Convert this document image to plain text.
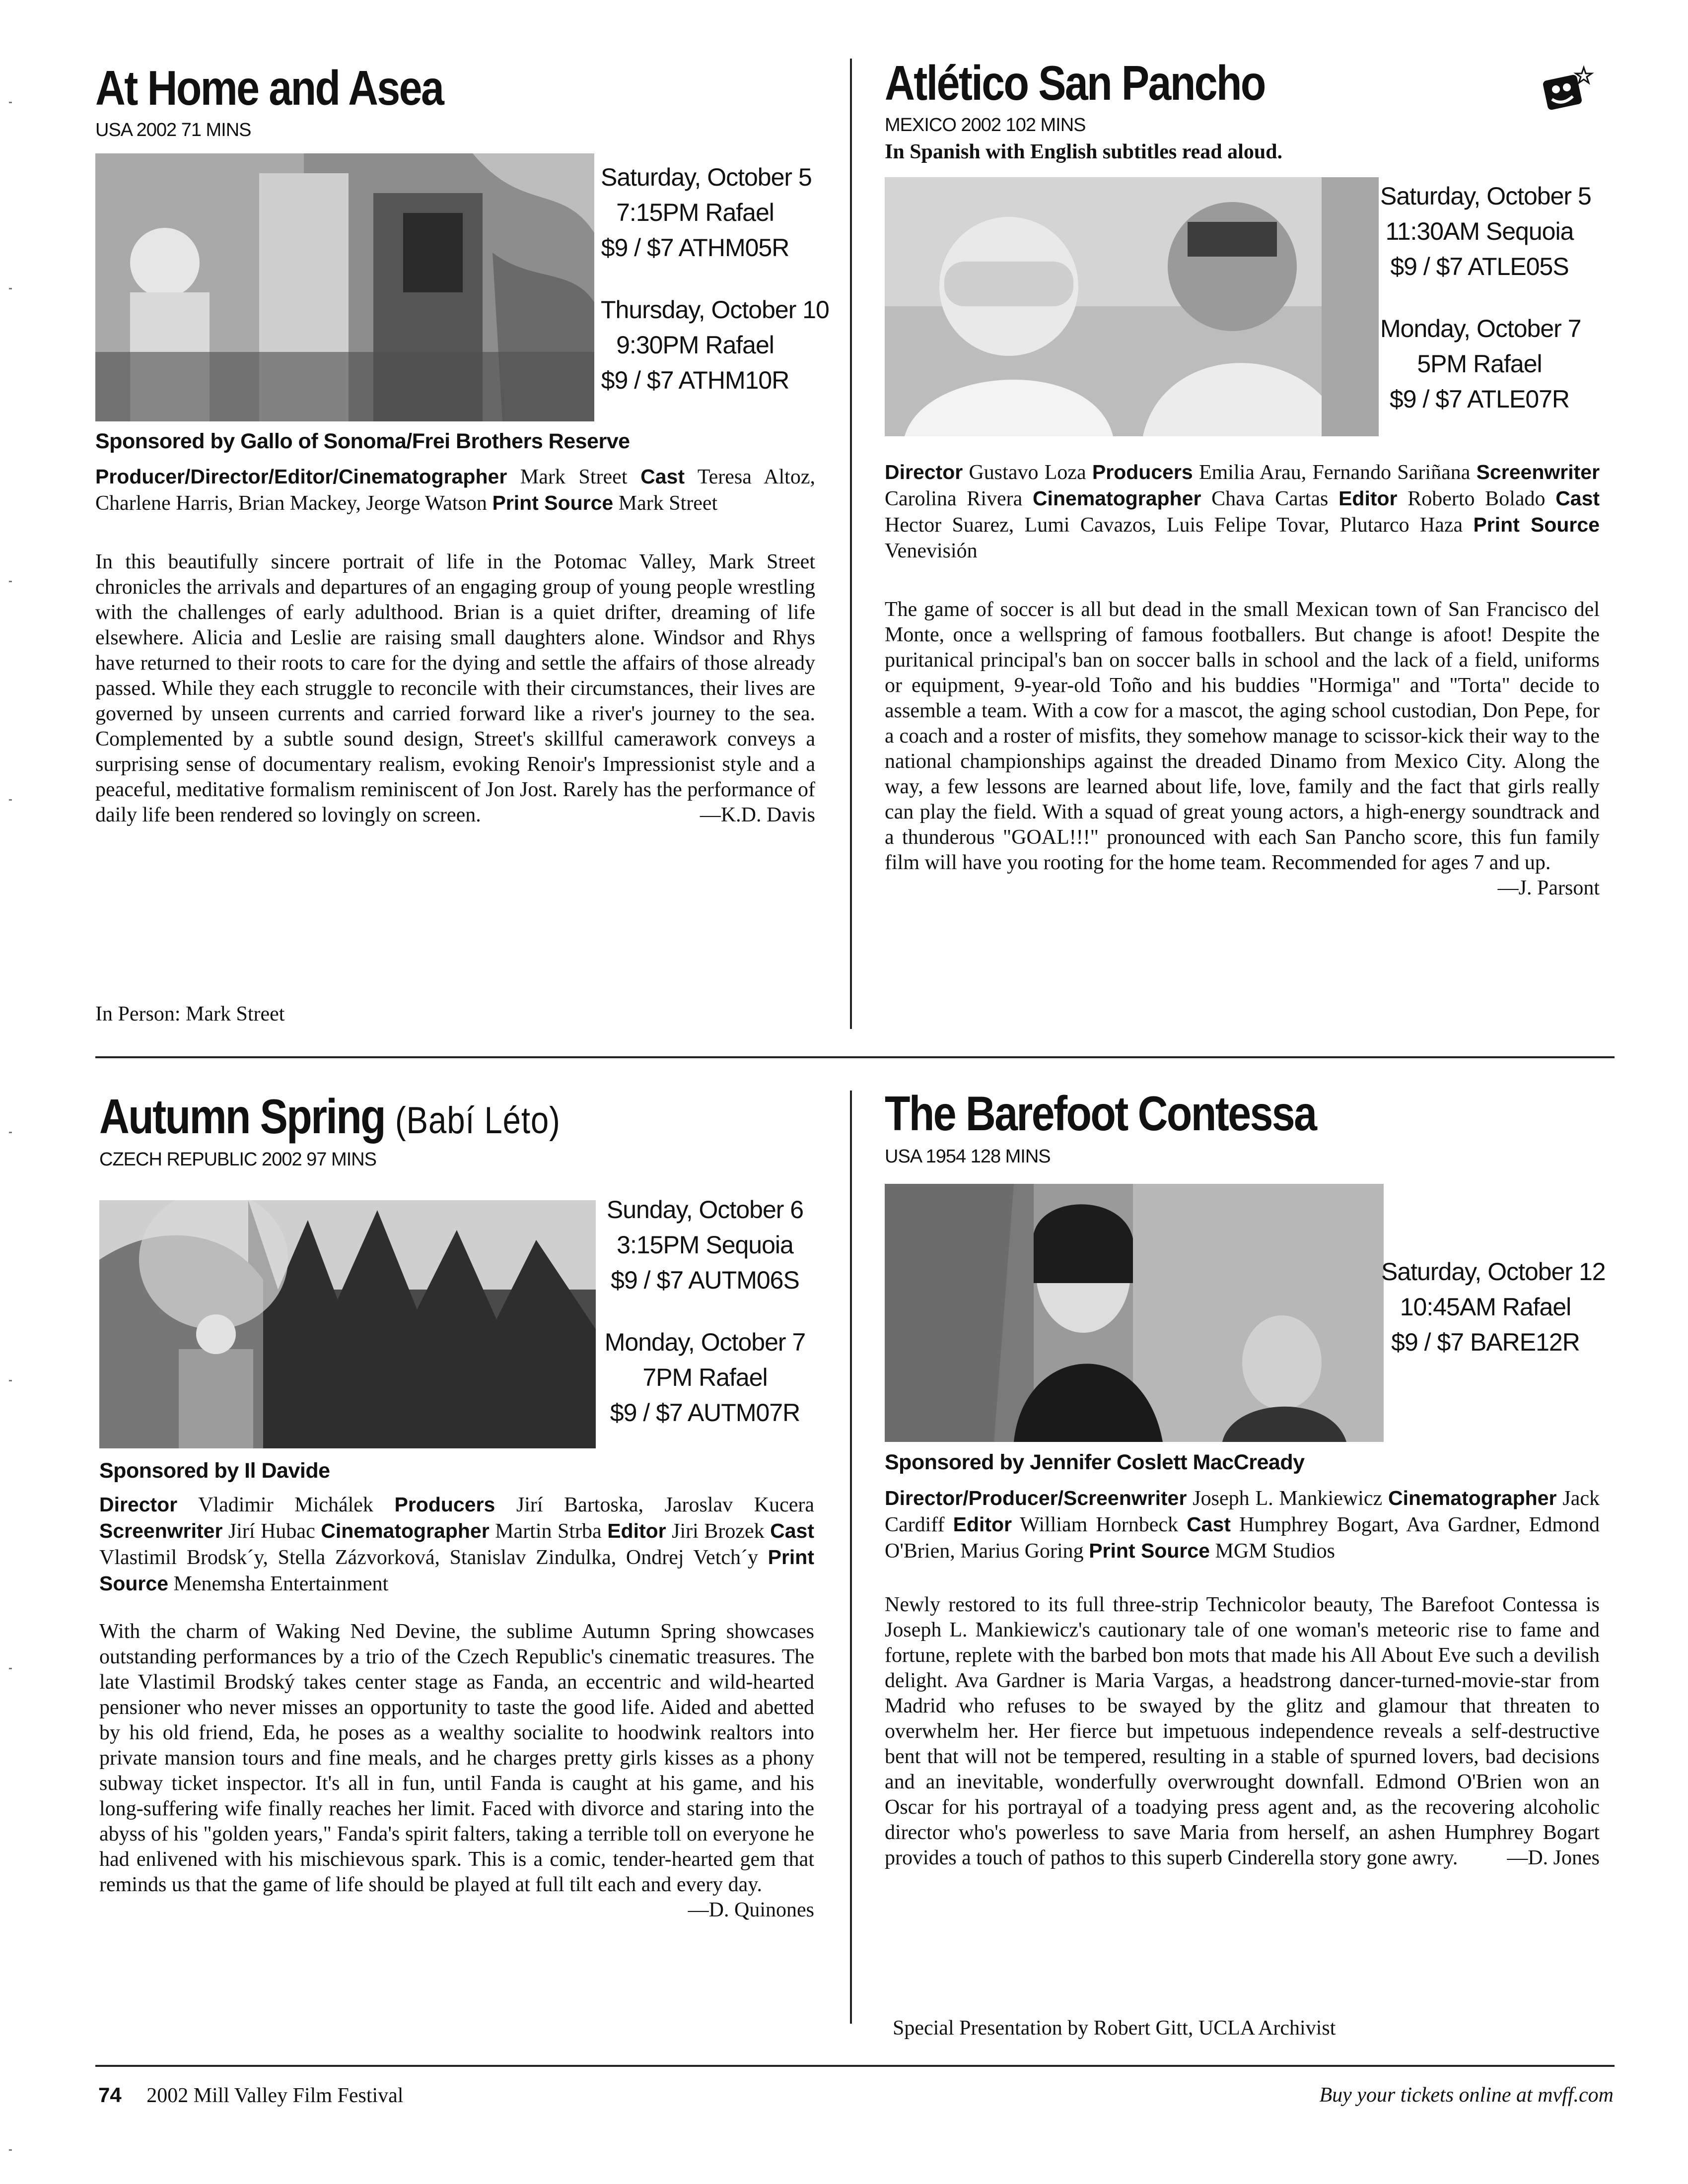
At Home and Asea
USA 2002 71 MINS
Saturday, October 5
7:15PM Rafael
$9 / $7 ATHM05R
Thursday, October 10
9:30PM Rafael
$9 / $7 ATHM10R
Sponsored by Gallo of Sonoma/Frei Brothers Reserve
Producer/Director/Editor/Cinematographer Mark Street Cast Teresa Altoz, Charlene Harris, Brian Mackey, Jeorge Watson Print Source Mark Street
In this beautifully sincere portrait of life in the Potomac Valley, Mark Street chronicles the arrivals and departures of an engaging group of young people wrestling with the challenges of early adulthood. Brian is a quiet drifter, dreaming of life elsewhere. Alicia and Leslie are raising small daughters alone. Windsor and Rhys have returned to their roots to care for the dying and settle the affairs of those already passed. While they each struggle to reconcile with their circumstances, their lives are governed by unseen currents and carried forward like a river's journey to the sea. Complemented by a subtle sound design, Street's skillful camerawork conveys a surprising sense of documentary realism, evoking Renoir's Impressionist style and a peaceful, meditative formalism reminiscent of Jon Jost. Rarely has the performance of daily life been rendered so lovingly on screen.	—K.D. Davis
In Person: Mark Street
Atlético San Pancho
MEXICO 2002 102 MINS
In Spanish with English subtitles read aloud.
Saturday, October 5
11:30AM Sequoia
$9 / $7 ATLE05S
Monday, October 7
5PM Rafael
$9 / $7 ATLE07R
Director Gustavo Loza Producers Emilia Arau, Fernando Sariñana Screenwriter Carolina Rivera Cinematographer Chava Cartas Editor Roberto Bolado Cast Hector Suarez, Lumi Cavazos, Luis Felipe Tovar, Plutarco Haza Print Source Venevisión
The game of soccer is all but dead in the small Mexican town of San Francisco del Monte, once a wellspring of famous footballers. But change is afoot! Despite the puritanical principal's ban on soccer balls in school and the lack of a field, uniforms or equipment, 9-year-old Toño and his buddies "Hormiga" and "Torta" decide to assemble a team. With a cow for a mascot, the aging school custodian, Don Pepe, for a coach and a roster of misfits, they somehow manage to scissor-kick their way to the national championships against the dreaded Dinamo from Mexico City. Along the way, a few lessons are learned about life, love, family and the fact that girls really can play the field. With a squad of great young actors, a high-energy soundtrack and a thunderous "GOAL!!!" pronounced with each San Pancho score, this fun family film will have you rooting for the home team. Recommended for ages 7 and up.
—J. Parsont
Autumn Spring (Babí Léto)
CZECH REPUBLIC 2002 97 MINS
Sunday, October 6
3:15PM Sequoia
$9 / $7 AUTM06S
Monday, October 7
7PM Rafael
$9 / $7 AUTM07R
Sponsored by Il Davide
Director Vladimir Michálek Producers Jirí Bartoska, Jaroslav Kucera Screenwriter Jirí Hubac Cinematographer Martin Strba Editor Jiri Brozek Cast Vlastimil Brodsk´y, Stella Zázvorková, Stanislav Zindulka, Ondrej Vetch´y Print Source Menemsha Entertainment
With the charm of Waking Ned Devine, the sublime Autumn Spring showcases outstanding performances by a trio of the Czech Republic's cinematic treasures. The late Vlastimil Brodský takes center stage as Fanda, an eccentric and wild-hearted pensioner who never misses an opportunity to taste the good life. Aided and abetted by his old friend, Eda, he poses as a wealthy socialite to hoodwink realtors into private mansion tours and fine meals, and he charges pretty girls kisses as a phony subway ticket inspector. It's all in fun, until Fanda is caught at his game, and his long-suffering wife finally reaches her limit. Faced with divorce and staring into the abyss of his "golden years," Fanda's spirit falters, taking a terrible toll on everyone he had enlivened with his mischievous spark. This is a comic, tender-hearted gem that reminds us that the game of life should be played at full tilt each and every day.
—D. Quinones
The Barefoot Contessa
USA 1954 128 MINS
Saturday, October 12
10:45AM Rafael
$9 / $7 BARE12R
Sponsored by Jennifer Coslett MacCready
Director/Producer/Screenwriter Joseph L. Mankiewicz Cinematographer Jack Cardiff Editor William Hornbeck Cast Humphrey Bogart, Ava Gardner, Edmond O'Brien, Marius Goring Print Source MGM Studios
Newly restored to its full three-strip Technicolor beauty, The Barefoot Contessa is Joseph L. Mankiewicz's cautionary tale of one woman's meteoric rise to fame and fortune, replete with the barbed bon mots that made his All About Eve such a devilish delight. Ava Gardner is Maria Vargas, a headstrong dancer-turned-movie-star from Madrid who refuses to be swayed by the glitz and glamour that threaten to overwhelm her. Her fierce but impetuous independence reveals a self-destructive bent that will not be tempered, resulting in a stable of spurned lovers, bad decisions and an inevitable, wonderfully overwrought downfall. Edmond O'Brien won an Oscar for his portrayal of a toadying press agent and, as the recovering alcoholic director who's powerless to save Maria from herself, an ashen Humphrey Bogart provides a touch of pathos to this superb Cinderella story gone awry.	—D. Jones
Special Presentation by Robert Gitt, UCLA Archivist
74 2002 Mill Valley Film Festival	Buy your tickets online at mvff.com
